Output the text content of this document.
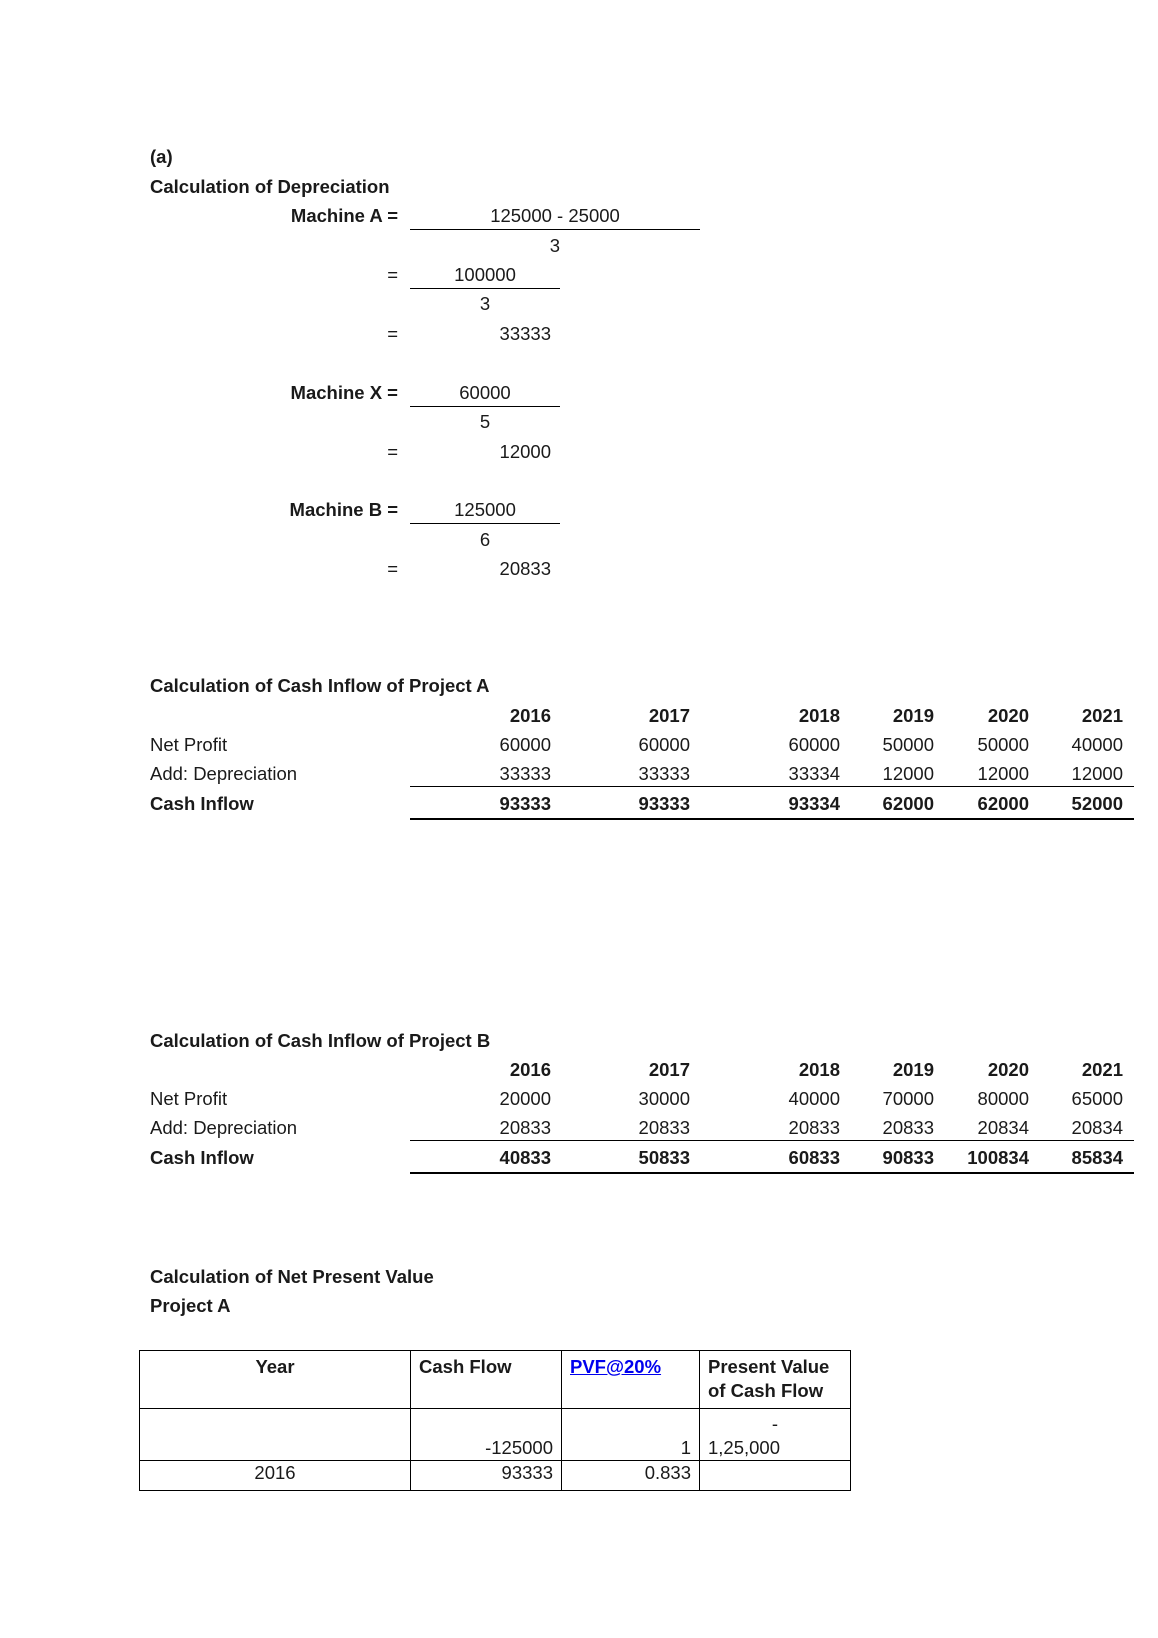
(a)
Calculation of Depreciation
Machine A =	125000 - 25000
3
=	100000
3
=	33333
Machine X =	60000
5
=	12000
Machine B =	125000
6
=	20833
Calculation of Cash Inflow of Project A
2016	2017	2018	2019	2020	2021
Net Profit	60000	60000	60000	50000	50000	40000
Add: Depreciation	33333	33333	33334	12000	12000	12000
Cash Inflow	93333	93333	93334	62000	62000	52000
Calculation of Cash Inflow of Project B
2016	2017	2018	2019	2020	2021
Net Profit	20000	30000	40000	70000	80000	65000
Add: Depreciation	20833	20833	20833	20833	20834	20834
Cash Inflow	40833	50833	60833	90833	100834	85834
Calculation of Net Present Value
Project A
Year	Cash Flow	PVF@20%	Present Value
of Cash Flow

	-125000	1	-
1,25,000

2016	93333	0.833	
